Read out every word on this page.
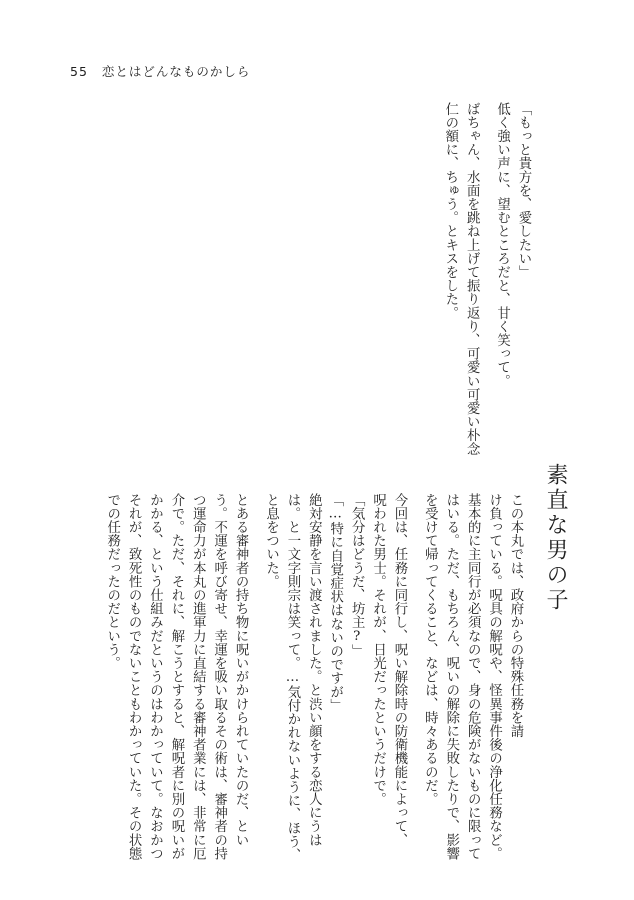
55 恋とはどんなものかしら
「もっと貴方を、愛したい」
低く強い声に、望むところだと、甘く笑って。
ばちゃん、水面を跳ね上げて振り返り、可愛い可愛い朴念
仁の額に、ちゅう。とキスをした。
素直な男の子
この本丸では、政府からの特殊任務を請
け負っている。呪具の解呪や、怪異事件後の浄化任務など。
基本的に主同行が必須なので、身の危険がないものに限って
はいる。ただ、もちろん、呪いの解除に失敗したりで、影響
を受けて帰ってくること、などは、時々あるのだ。
今回は、任務に同行し、呪い解除時の防衛機能によって、
呪われた男士。それが、日光だったというだけで。
「気分はどうだ、坊主?」
「…特に自覚症状はないのですが」
絶対安静を言い渡されました。と渋い顔をする恋人にうは
は。と一文字則宗は笑って。…気付かれないように、ほう、
と息をついた。
とある審神者の持ち物に呪いがかけられていたのだ、とい
う。不運を呼び寄せ、幸運を吸い取るその術は、審神者の持
つ運命力が本丸の進軍力に直結する審神者業には、非常に厄
介で。ただ、それに、解こうとすると、解呪者に別の呪いが
かかる、という仕組みだというのはわかっていて。なおかつ
それが、致死性のものでないこともわかっていた。その状態
での任務だったのだという。
